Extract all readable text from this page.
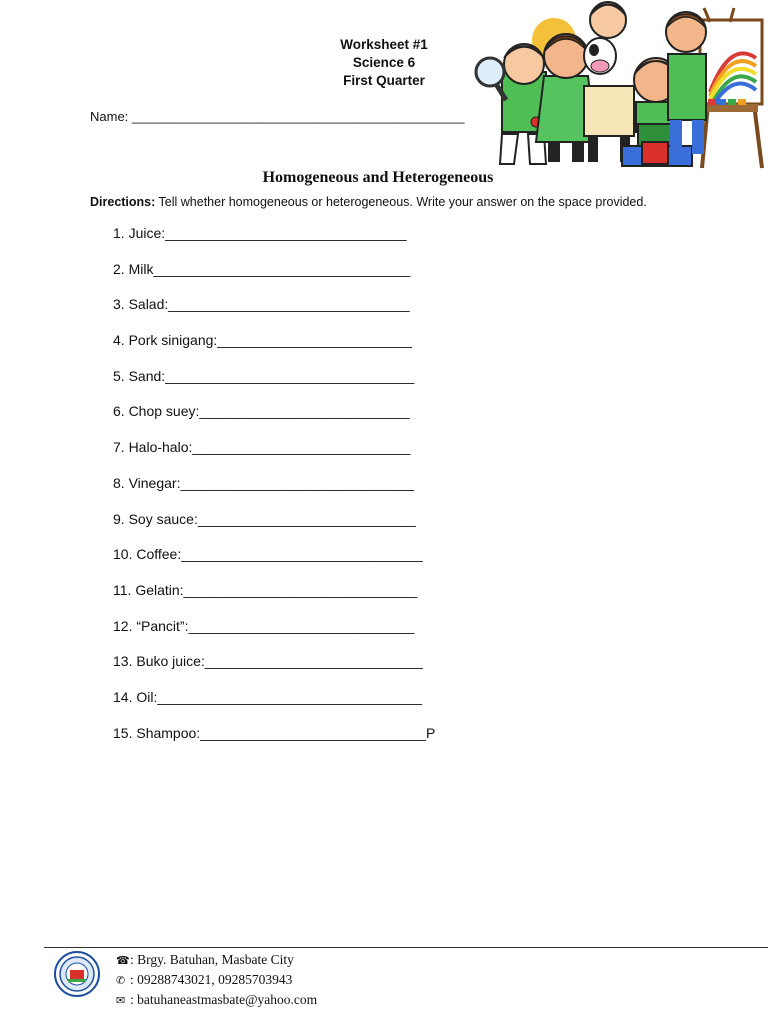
Worksheet #1
Science 6
First Quarter
Name: ______________________________________________
Homogeneous and Heterogeneous
Directions: Tell whether homogeneous or heterogeneous. Write your answer on the space provided.
1. Juice:_______________________________
2. Milk_________________________________
3. Salad:_______________________________
4. Pork sinigang:_________________________
5. Sand:________________________________
6. Chop suey:___________________________
7. Halo-halo:____________________________
8. Vinegar:______________________________
9. Soy sauce:____________________________
10. Coffee:_______________________________
11. Gelatin:______________________________
12. “Pancit”:_____________________________
13. Buko juice:____________________________
14. Oil:__________________________________
15. Shampoo:_____________________________P
☎: Brgy. Batuhan, Masbate City
✆ : 09288743021, 09285703943
✉ : batuhaneastmasbate@yahoo.com
